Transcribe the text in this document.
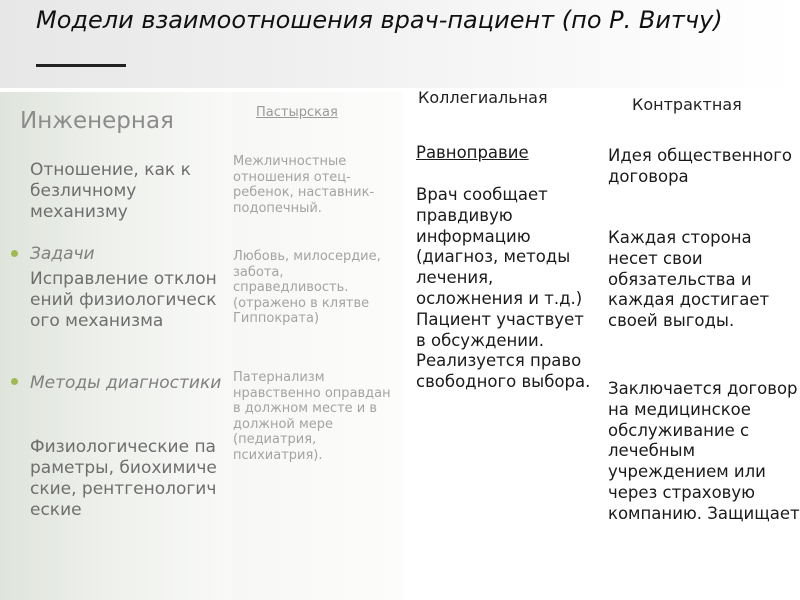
Модели взаимоотношения врач-пациент (по Р. Витчу)
Инженерная

Отношение, как к безличному механизму

Задачи

Исправление отклонений физиологического механизма

Методы диагностики

Физиологические параметры, биохимические, рентгенологические

Пастырская

Межличностные отношения отец-ребенок, наставник-подопечный.

Любовь, милосердие, забота, справедливость. (отражено в клятве Гиппократа)

Патернализм нравственно оправдан в должном месте и в должной мере (педиатрия, психиатрия).

Коллегиальная

Равноправие

Врач сообщает правдивую информацию (диагноз, методы лечения, осложнения и т.д.) Пациент участвует в обсуждении. Реализуется право свободного выбора.

Контрактная

Идея общественного договора

Каждая сторона несет свои обязательства и каждая достигает своей выгоды.

Заключается договор на медицинское обслуживание с лечебным учреждением или через страховую компанию. Защищает
